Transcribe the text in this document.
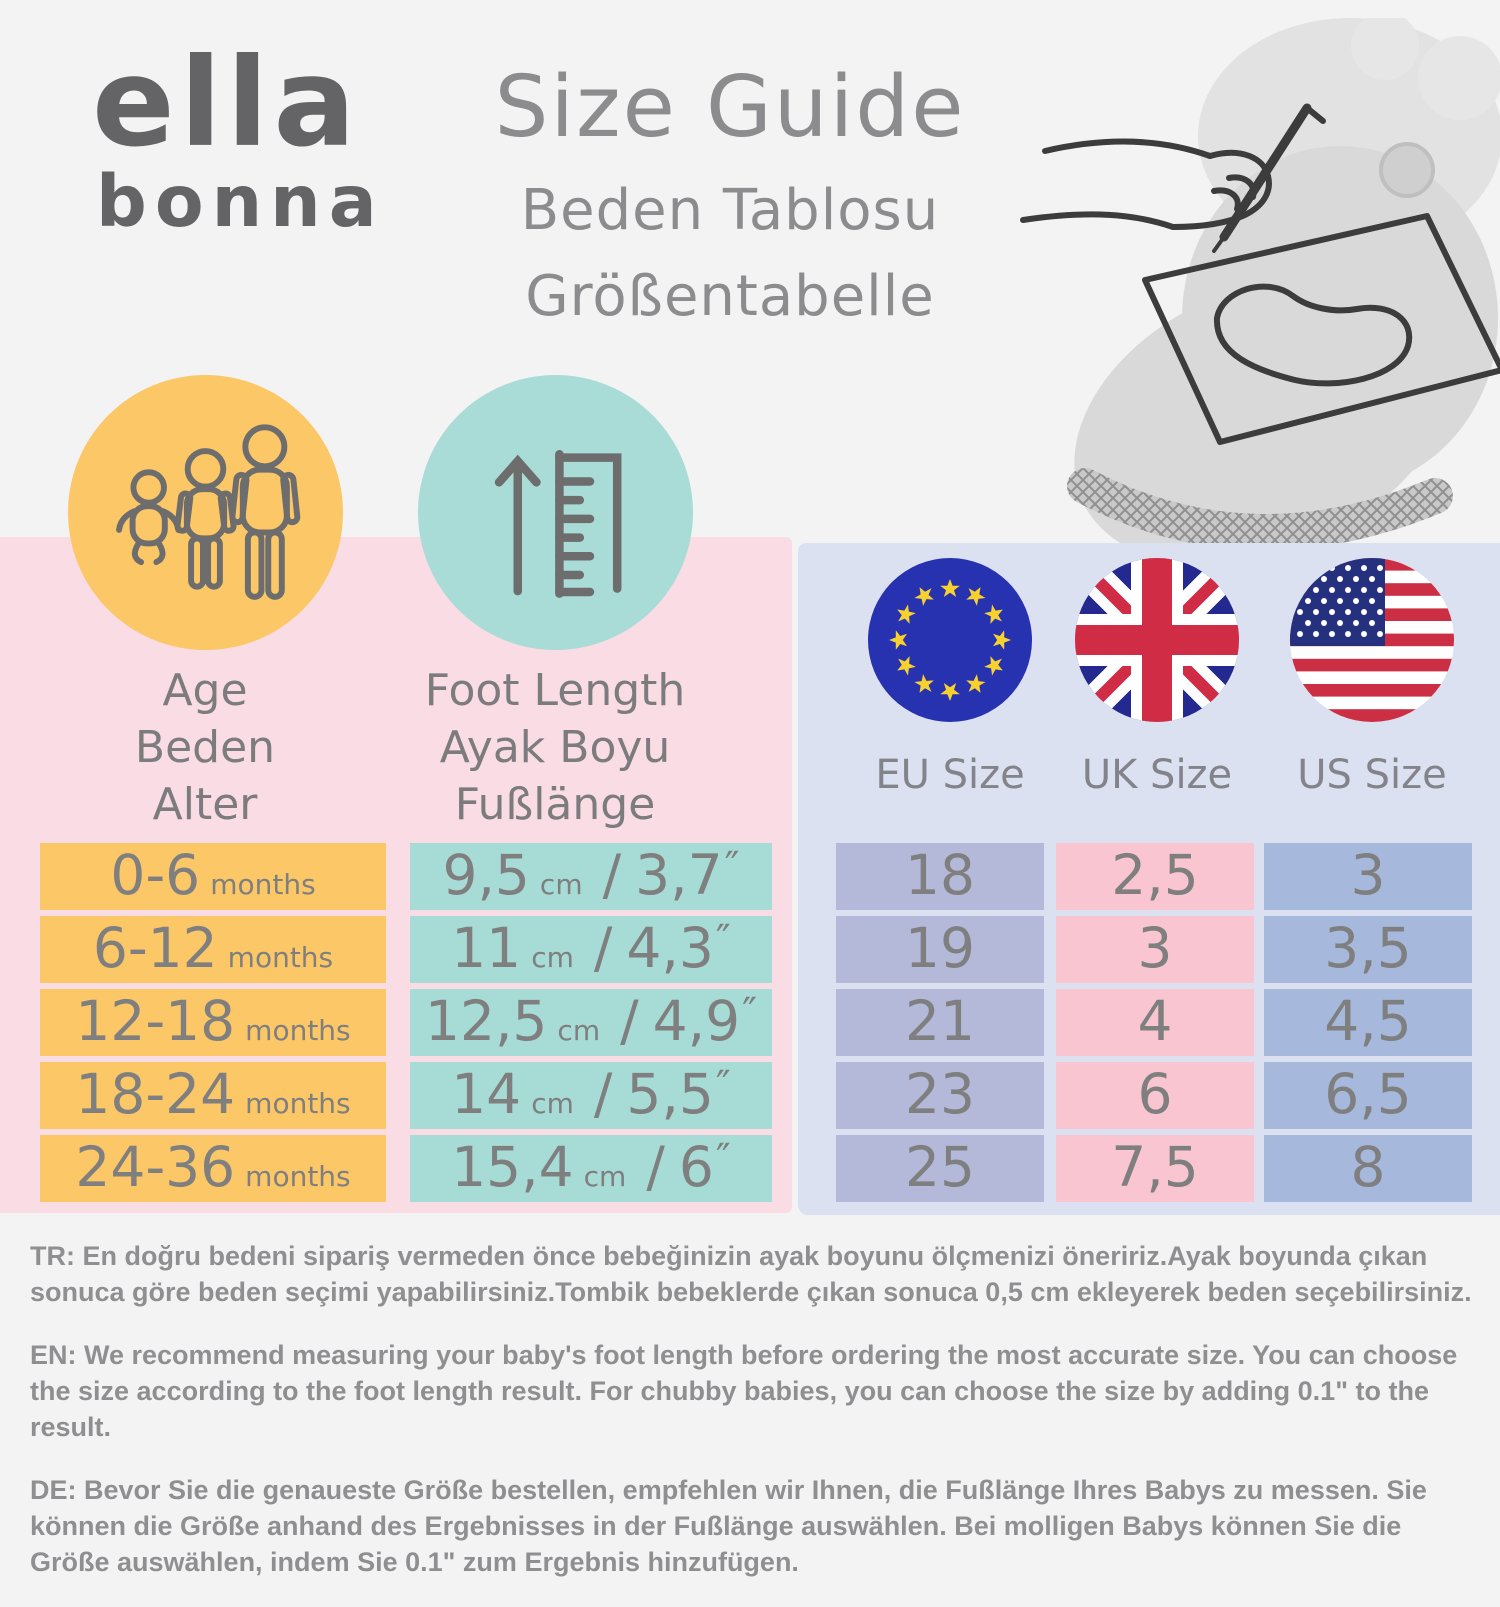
ella
bonna
Size Guide
Beden Tablosu
Größentabelle
Age
Beden
Alter
Foot Length
Ayak Boyu
Fußlänge
EU Size	UK Size	US Size
0-6 months
6-12 months
12-18 months
18-24 months
24-36 months
9,5 cm / 3,7 ″
11 cm / 4,3 ″
12,5 cm / 4,9 ″
14 cm / 5,5 ″
15,4 cm / 6 ″
18
19
21
23
25
2,5
3
4
6
7,5
3
3,5
4,5
6,5
8

TR: En doğru bedeni sipariş vermeden önce bebeğinizin ayak boyunu ölçmenizi öneririz.Ayak boyunda çıkan sonuca göre beden seçimi yapabilirsiniz.Tombik bebeklerde çıkan sonuca 0,5 cm ekleyerek beden seçebilirsiniz.

EN: We recommend measuring your baby's foot length before ordering the most accurate size. You can choose the size according to the foot length result. For chubby babies, you can choose the size by adding 0.1" to the result.

DE: Bevor Sie die genaueste Größe bestellen, empfehlen wir Ihnen, die Fußlänge Ihres Babys zu messen. Sie können die Größe anhand des Ergebnisses in der Fußlänge auswählen. Bei molligen Babys können Sie die Größe auswählen, indem Sie 0.1" zum Ergebnis hinzufügen.
